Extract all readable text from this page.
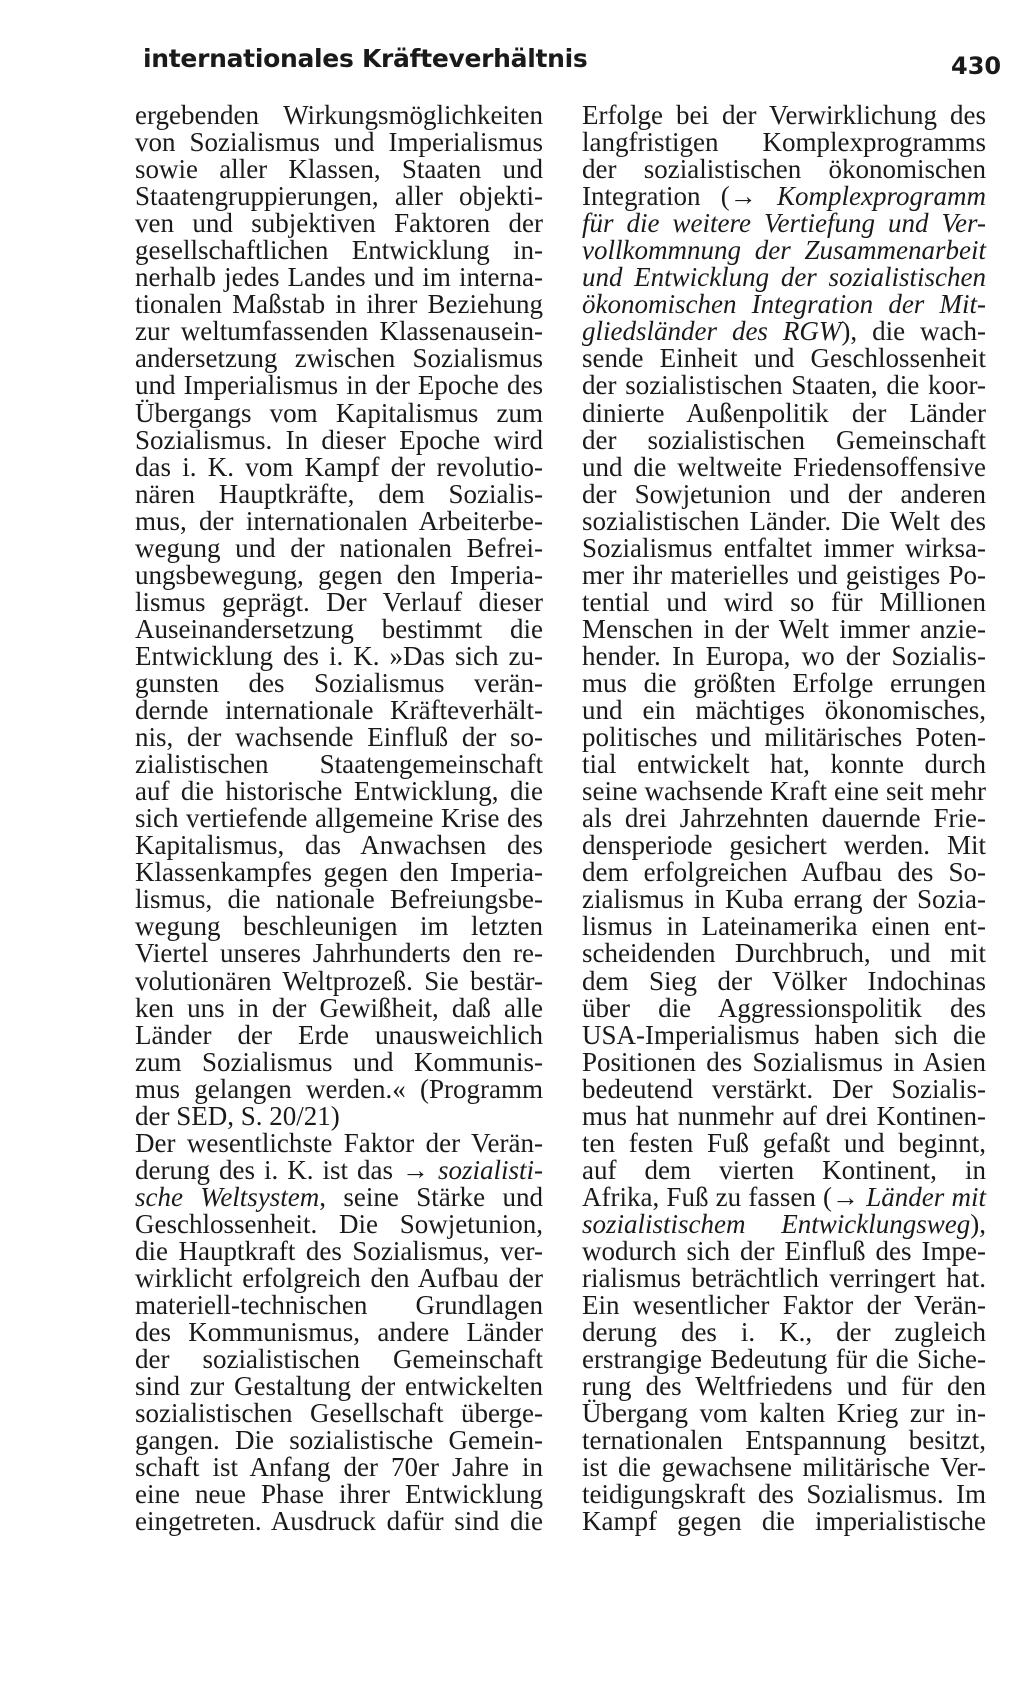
internationales Kräfteverhältnis	430
ergebenden Wirkungsmöglichkeiten
von Sozialismus und Imperialismus
sowie aller Klassen, Staaten und
Staatengruppierungen, aller objekti-
ven und subjektiven Faktoren der
gesellschaftlichen Entwicklung in-
nerhalb jedes Landes und im interna-
tionalen Maßstab in ihrer Beziehung
zur weltumfassenden Klassenausein-
andersetzung zwischen Sozialismus
und Imperialismus in der Epoche des
Übergangs vom Kapitalismus zum
Sozialismus. In dieser Epoche wird
das i. K. vom Kampf der revolutio-
nären Hauptkräfte, dem Sozialis-
mus, der internationalen Arbeiterbe-
wegung und der nationalen Befrei-
ungsbewegung, gegen den Imperia-
lismus geprägt. Der Verlauf dieser
Auseinandersetzung bestimmt die
Entwicklung des i. K. »Das sich zu-
gunsten des Sozialismus verän-
dernde internationale Kräfteverhält-
nis, der wachsende Einfluß der so-
zialistischen Staatengemeinschaft
auf die historische Entwicklung, die
sich vertiefende allgemeine Krise des
Kapitalismus, das Anwachsen des
Klassenkampfes gegen den Imperia-
lismus, die nationale Befreiungsbe-
wegung beschleunigen im letzten
Viertel unseres Jahrhunderts den re-
volutionären Weltprozeß. Sie bestär-
ken uns in der Gewißheit, daß alle
Länder der Erde unausweichlich
zum Sozialismus und Kommunis-
mus gelangen werden.« (Programm
der SED, S. 20/21)
Der wesentlichste Faktor der Verän-
derung des i. K. ist das → sozialisti-
sche Weltsystem, seine Stärke und
Geschlossenheit. Die Sowjetunion,
die Hauptkraft des Sozialismus, ver-
wirklicht erfolgreich den Aufbau der
materiell-technischen Grundlagen
des Kommunismus, andere Länder
der sozialistischen Gemeinschaft
sind zur Gestaltung der entwickelten
sozialistischen Gesellschaft überge-
gangen. Die sozialistische Gemein-
schaft ist Anfang der 70er Jahre in
eine neue Phase ihrer Entwicklung
eingetreten. Ausdruck dafür sind die
Erfolge bei der Verwirklichung des
langfristigen Komplexprogramms
der sozialistischen ökonomischen
Integration (→ Komplexprogramm
für die weitere Vertiefung und Ver-
vollkommnung der Zusammenarbeit
und Entwicklung der sozialistischen
ökonomischen Integration der Mit-
gliedsländer des RGW), die wach-
sende Einheit und Geschlossenheit
der sozialistischen Staaten, die koor-
dinierte Außenpolitik der Länder
der sozialistischen Gemeinschaft
und die weltweite Friedensoffensive
der Sowjetunion und der anderen
sozialistischen Länder. Die Welt des
Sozialismus entfaltet immer wirksa-
mer ihr materielles und geistiges Po-
tential und wird so für Millionen
Menschen in der Welt immer anzie-
hender. In Europa, wo der Sozialis-
mus die größten Erfolge errungen
und ein mächtiges ökonomisches,
politisches und militärisches Poten-
tial entwickelt hat, konnte durch
seine wachsende Kraft eine seit mehr
als drei Jahrzehnten dauernde Frie-
densperiode gesichert werden. Mit
dem erfolgreichen Aufbau des So-
zialismus in Kuba errang der Sozia-
lismus in Lateinamerika einen ent-
scheidenden Durchbruch, und mit
dem Sieg der Völker Indochinas
über die Aggressionspolitik des
USA-Imperialismus haben sich die
Positionen des Sozialismus in Asien
bedeutend verstärkt. Der Sozialis-
mus hat nunmehr auf drei Kontinen-
ten festen Fuß gefaßt und beginnt,
auf dem vierten Kontinent, in
Afrika, Fuß zu fassen (→ Länder mit
sozialistischem Entwicklungsweg),
wodurch sich der Einfluß des Impe-
rialismus beträchtlich verringert hat.
Ein wesentlicher Faktor der Verän-
derung des i. K., der zugleich
erstrangige Bedeutung für die Siche-
rung des Weltfriedens und für den
Übergang vom kalten Krieg zur in-
ternationalen Entspannung besitzt,
ist die gewachsene militärische Ver-
teidigungskraft des Sozialismus. Im
Kampf gegen die imperialistische
